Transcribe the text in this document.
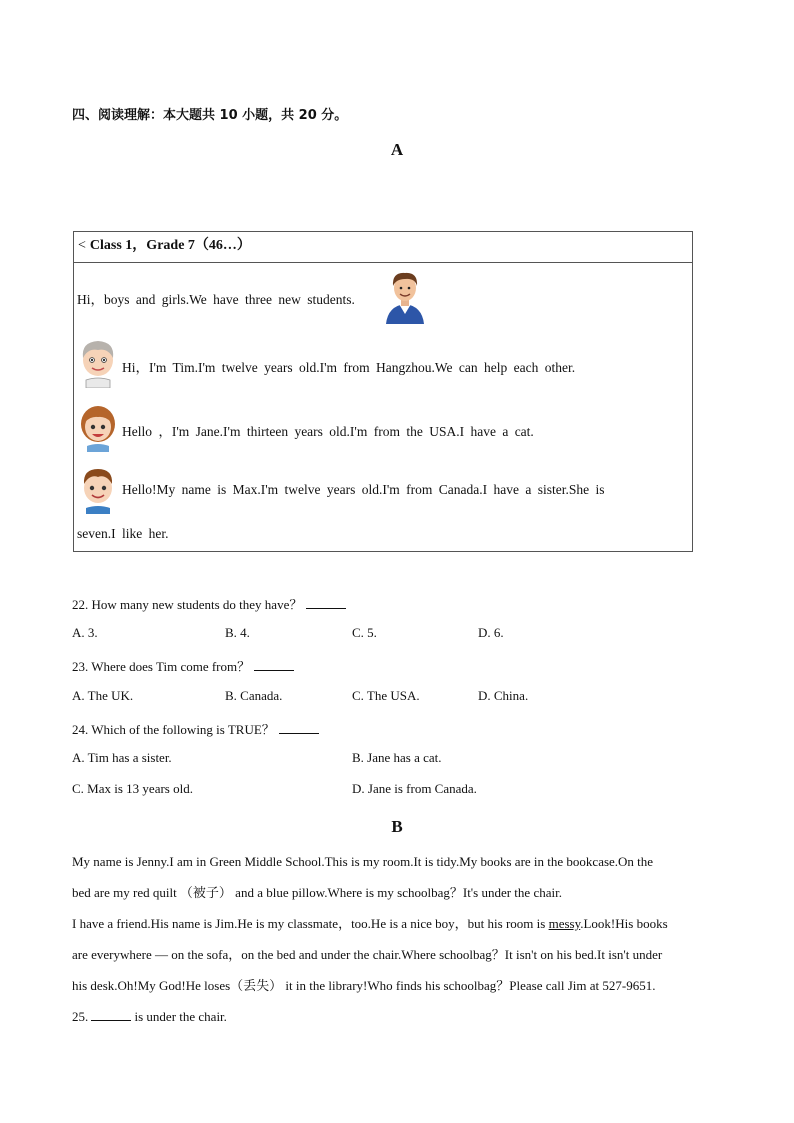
四、阅读理解：本大题共 10 小题，共 20 分。
A
< Class 1，Grade 7（46…）
Hi，boys and girls.We have three new students.
Hi，I'm Tim.I'm twelve years old.I'm from Hangzhou.We can help each other.
Hello ，I'm Jane.I'm thirteen years old.I'm from the USA.I have a cat.
Hello!My name is Max.I'm twelve years old.I'm from Canada.I have a sister.She is
seven.I like her.
22. How many new students do they have？
A. 3.	B. 4.	C. 5.	D. 6.
23. Where does Tim come from？
A. The UK.	B. Canada.	C. The USA.	D. China.
24. Which of the following is TRUE？
A. Tim has a sister.	B. Jane has a cat.
C. Max is 13 years old.	D. Jane is from Canada.
B
My name is Jenny.I am in Green Middle School.This is my room.It is tidy.My books are in the bookcase.On the
bed are my red quilt （被子） and a blue pillow.Where is my schoolbag？It's under the chair.
I have a friend.His name is Jim.He is my classmate，too.He is a nice boy，but his room is messy.Look!His books
are everywhere — on the sofa，on the bed and under the chair.Where schoolbag？It isn't on his bed.It isn't under
his desk.Oh!My God!He loses（丢失） it in the library!Who finds his schoolbag？Please call Jim at 527-9651.
25.	is under the chair.
